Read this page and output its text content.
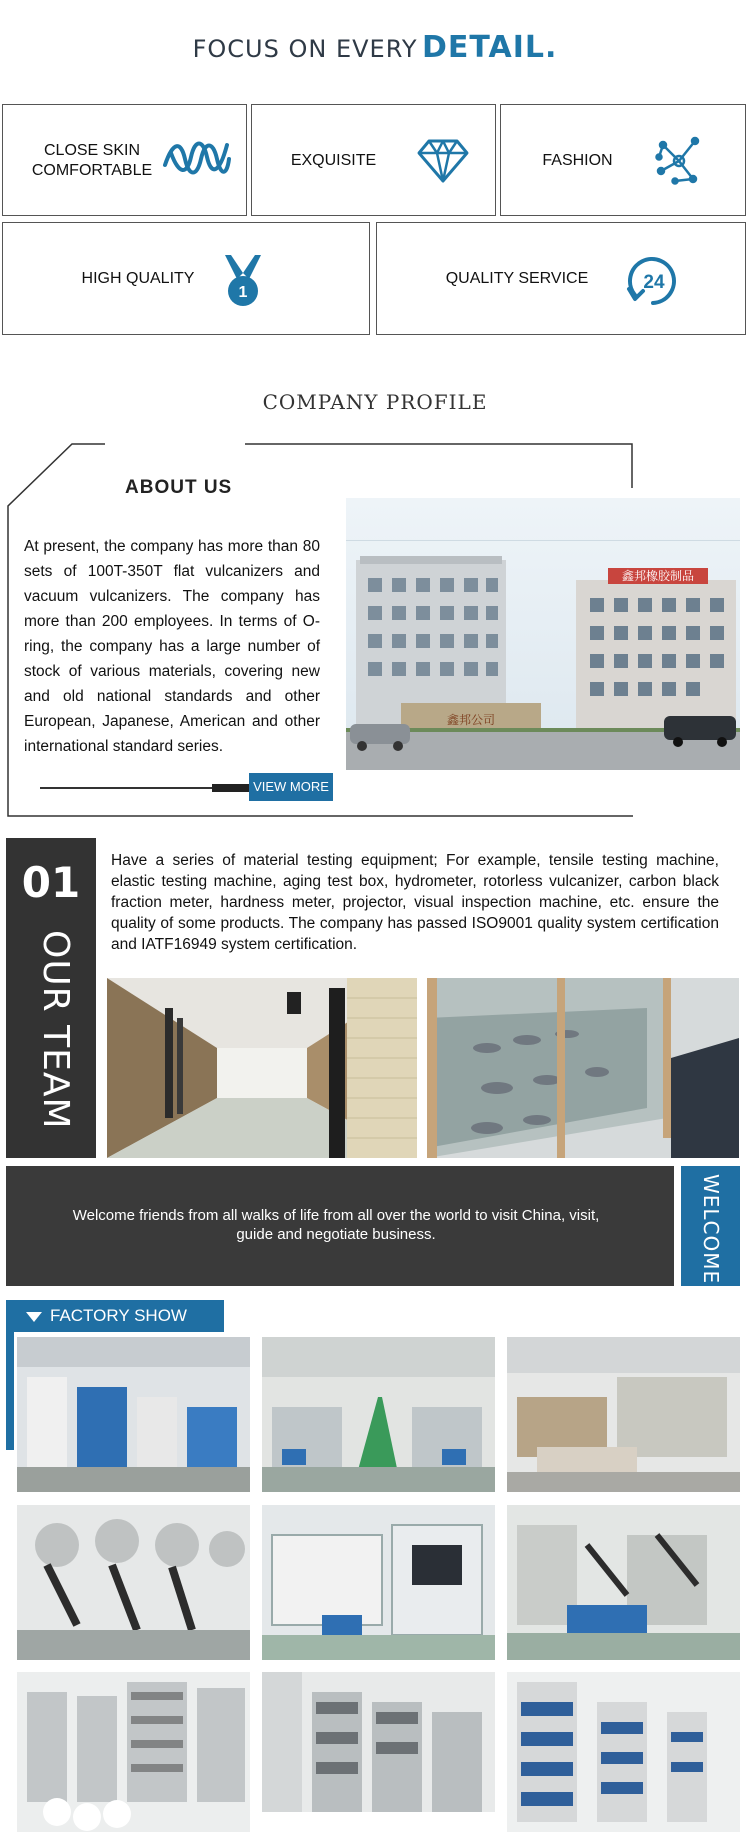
FOCUS ON EVERY DETAIL.
CLOSE SKIN
COMFORTABLE
EXQUISITE	FASHION
HIGH QUALITY
1
QUALITY SERVICE	24
COMPANY PROFILE
ABOUT US
At present, the company has more than 80 sets of 100T-350T flat vulcanizers and vacuum vulcanizers. The company has more than 200 employees. In terms of O-ring, the company has a large number of stock of various materials, covering new and old national standards and other European, Japanese, American and other international standard series.
VIEW MORE
鑫邦橡胶制品
鑫邦公司
01
OUR TEAM
Have a series of material testing equipment; For example, tensile testing machine, elastic testing machine, aging test box, hydrometer, rotorless vulcanizer, carbon black fraction meter, hardness meter, projector, visual inspection machine, etc. ensure the quality of some products. The company has passed ISO9001 quality system certification and IATF16949 system certification.
Welcome friends from all walks of life from all over the world to visit China, visit, guide and negotiate business.	WELCOME
FACTORY SHOW
